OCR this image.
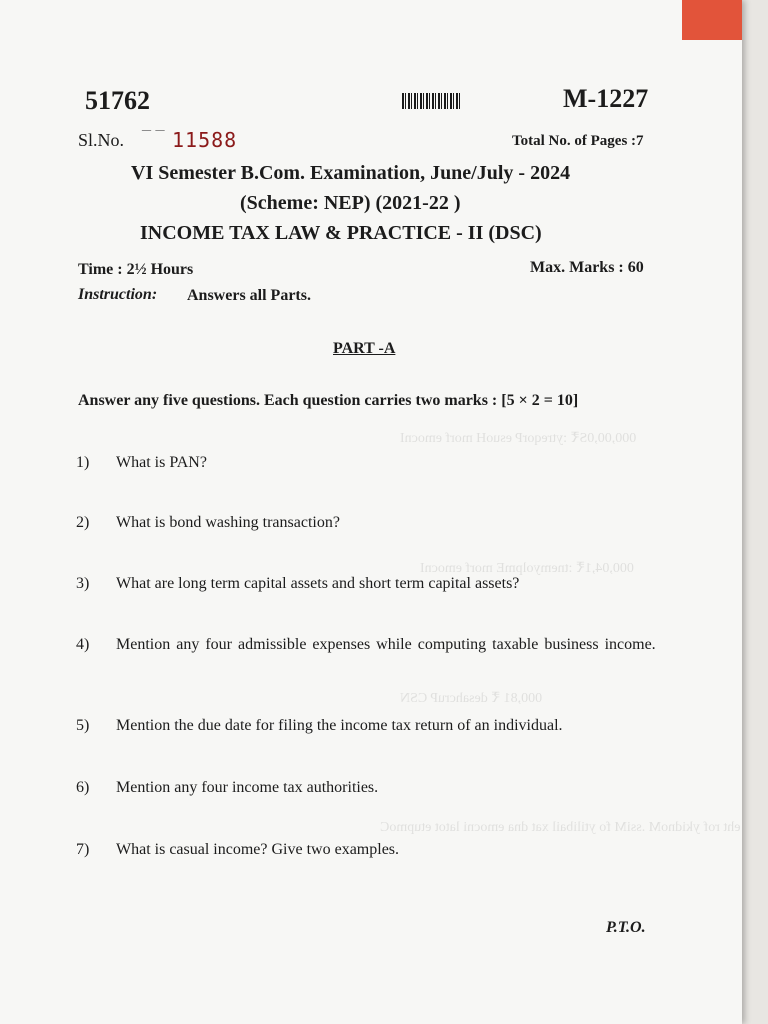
000,00,0S₹ :ytreqorP esuoH morf emocnI
000,04,1₹ :tnemyolpmE morf emocnI
000,81 ₹ desahcruP CSN
eht rof ykidnoM .ssiM fo ytilibail xat dna emocni latot etupmoC
51762	M-1227
Sl.No. ¯ ¯ 11588	Total No. of Pages :7
VI Semester B.Com. Examination, June/July - 2024
(Scheme: NEP) (2021-22 )
INCOME TAX LAW & PRACTICE - II (DSC)
Time : 2½ Hours	Max. Marks : 60
Instruction: Answers all Parts.
PART -A
Answer any five questions. Each question carries two marks : [5 × 2 = 10]
1) What is PAN?
2) What is bond washing transaction?
3) What are long term capital assets and short term capital assets?
4) Mention any four admissible expenses while computing taxable business income.
5) Mention the due date for filing the income tax return of an individual.
6) Mention any four income tax authorities.
7) What is casual income? Give two examples.
P.T.O.
